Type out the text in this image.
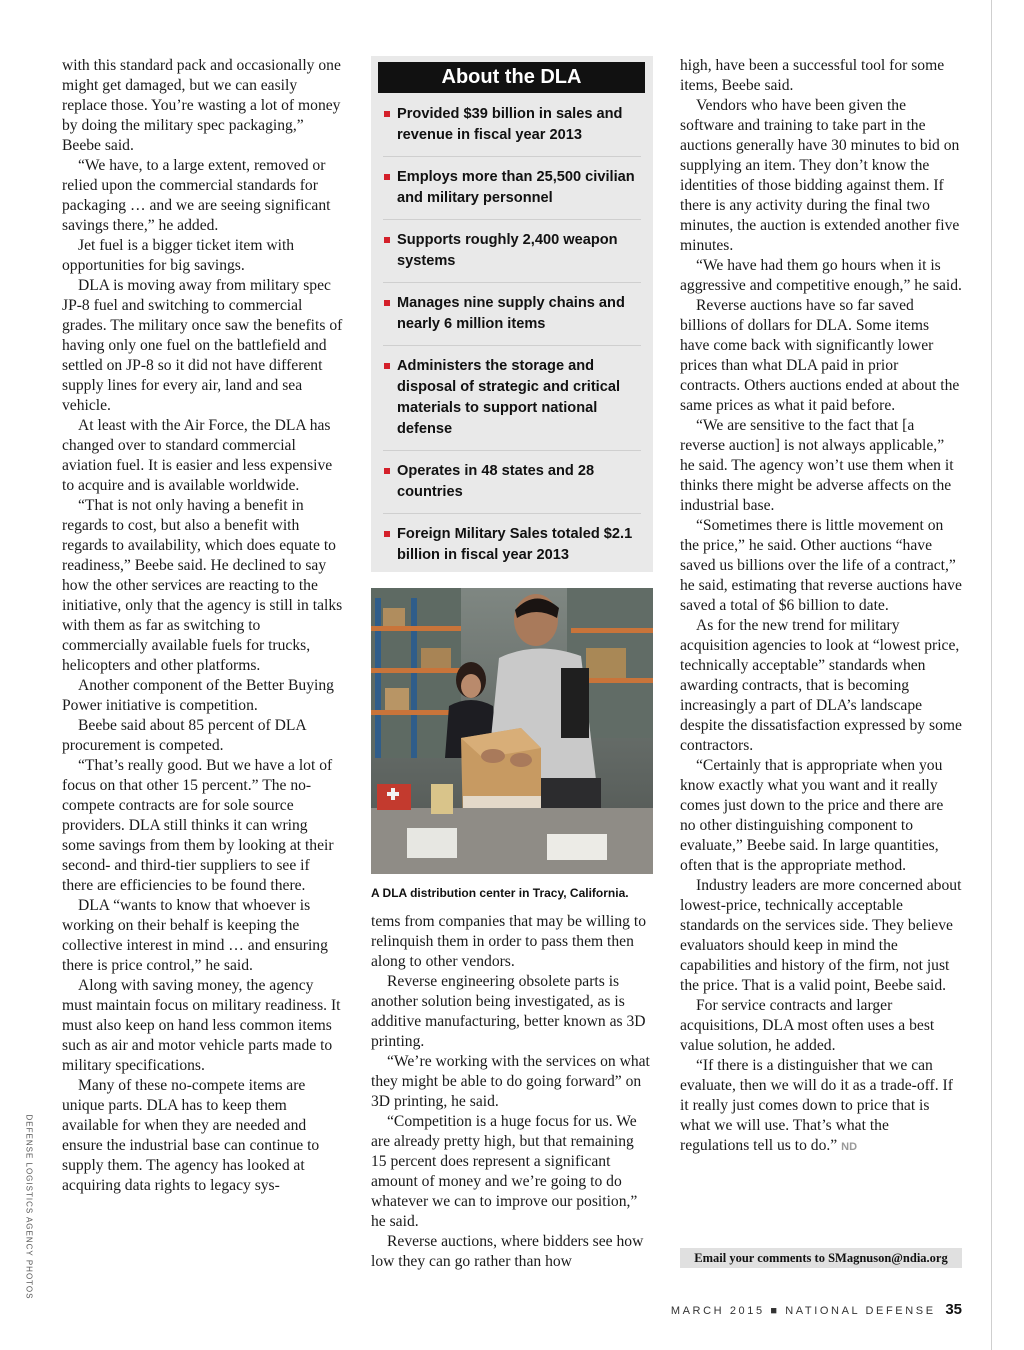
with this standard pack and occasionally one might get damaged, but we can easily replace those. You’re wasting a lot of money by doing the military spec packaging,” Beebe said.

“We have, to a large extent, removed or relied upon the commercial standards for packaging … and we are seeing significant savings there,” he added.

Jet fuel is a bigger ticket item with opportunities for big savings.

DLA is moving away from military spec JP-8 fuel and switching to commercial grades. The military once saw the benefits of having only one fuel on the battlefield and settled on JP-8 so it did not have different supply lines for every air, land and sea vehicle.

At least with the Air Force, the DLA has changed over to standard commercial aviation fuel. It is easier and less expensive to acquire and is available worldwide.

“That is not only having a benefit in regards to cost, but also a benefit with regards to availability, which does equate to readiness,” Beebe said. He declined to say how the other services are reacting to the initiative, only that the agency is still in talks with them as far as switching to commercially available fuels for trucks, helicopters and other platforms.

Another component of the Better Buying Power initiative is competition.

Beebe said about 85 percent of DLA procurement is competed.

“That’s really good. But we have a lot of focus on that other 15 percent.” The no-compete contracts are for sole source providers. DLA still thinks it can wring some savings from them by looking at their second- and third-tier suppliers to see if there are efficiencies to be found there.

DLA “wants to know that whoever is working on their behalf is keeping the collective interest in mind … and ensuring there is price control,” he said.

Along with saving money, the agency must maintain focus on military readiness. It must also keep on hand less common items such as air and motor vehicle parts made to military specifications.

Many of these no-compete items are unique parts. DLA has to keep them available for when they are needed and ensure the industrial base can continue to supply them. The agency has looked at acquiring data rights to legacy sys-

About the DLA
Provided $39 billion in sales and revenue in fiscal year 2013
Employs more than 25,500 civilian and military personnel
Supports roughly 2,400 weapon systems
Manages nine supply chains and nearly 6 million items
Administers the storage and disposal of strategic and critical materials to support national defense
Operates in 48 states and 28 countries
Foreign Military Sales totaled $2.1 billion in fiscal year 2013
A DLA distribution center in Tracy, California.
DEFENSE LOGISTICS AGENCY PHOTOS

tems from companies that may be willing to relinquish them in order to pass them then along to other vendors.

Reverse engineering obsolete parts is another solution being investigated, as is additive manufacturing, better known as 3D printing.

“We’re working with the services on what they might be able to do going forward” on 3D printing, he said.

“Competition is a huge focus for us. We are already pretty high, but that remaining 15 percent does represent a significant amount of money and we’re going to do whatever we can to improve our position,” he said.

Reverse auctions, where bidders see how low they can go rather than how

high, have been a successful tool for some items, Beebe said.

Vendors who have been given the software and training to take part in the auctions generally have 30 minutes to bid on supplying an item. They don’t know the identities of those bidding against them. If there is any activity during the final two minutes, the auction is extended another five minutes.

“We have had them go hours when it is aggressive and competitive enough,” he said.

Reverse auctions have so far saved billions of dollars for DLA. Some items have come back with significantly lower prices than what DLA paid in prior contracts. Others auctions ended at about the same prices as what it paid before.

“We are sensitive to the fact that [a reverse auction] is not always applicable,” he said. The agency won’t use them when it thinks there might be adverse affects on the industrial base.

“Sometimes there is little movement on the price,” he said. Other auctions “have saved us billions over the life of a contract,” he said, estimating that reverse auctions have saved a total of $6 billion to date.

As for the new trend for military acquisition agencies to look at “lowest price, technically acceptable” standards when awarding contracts, that is becoming increasingly a part of DLA’s landscape despite the dissatisfaction expressed by some contractors.

“Certainly that is appropriate when you know exactly what you want and it really comes just down to the price and there are no other distinguishing component to evaluate,” Beebe said. In large quantities, often that is the appropriate method.

Industry leaders are more concerned about lowest-price, technically acceptable standards on the services side. They believe evaluators should keep in mind the capabilities and history of the firm, not just the price. That is a valid point, Beebe said.

For service contracts and larger acquisitions, DLA most often uses a best value solution, he added.

“If there is a distinguisher that we can evaluate, then we will do it as a trade-off. If it really just comes down to price that is what we will use. That’s what the regulations tell us to do.” ND

Email your comments to SMagnuson@ndia.org
MARCH 2015 ■ NATIONAL DEFENSE 35
